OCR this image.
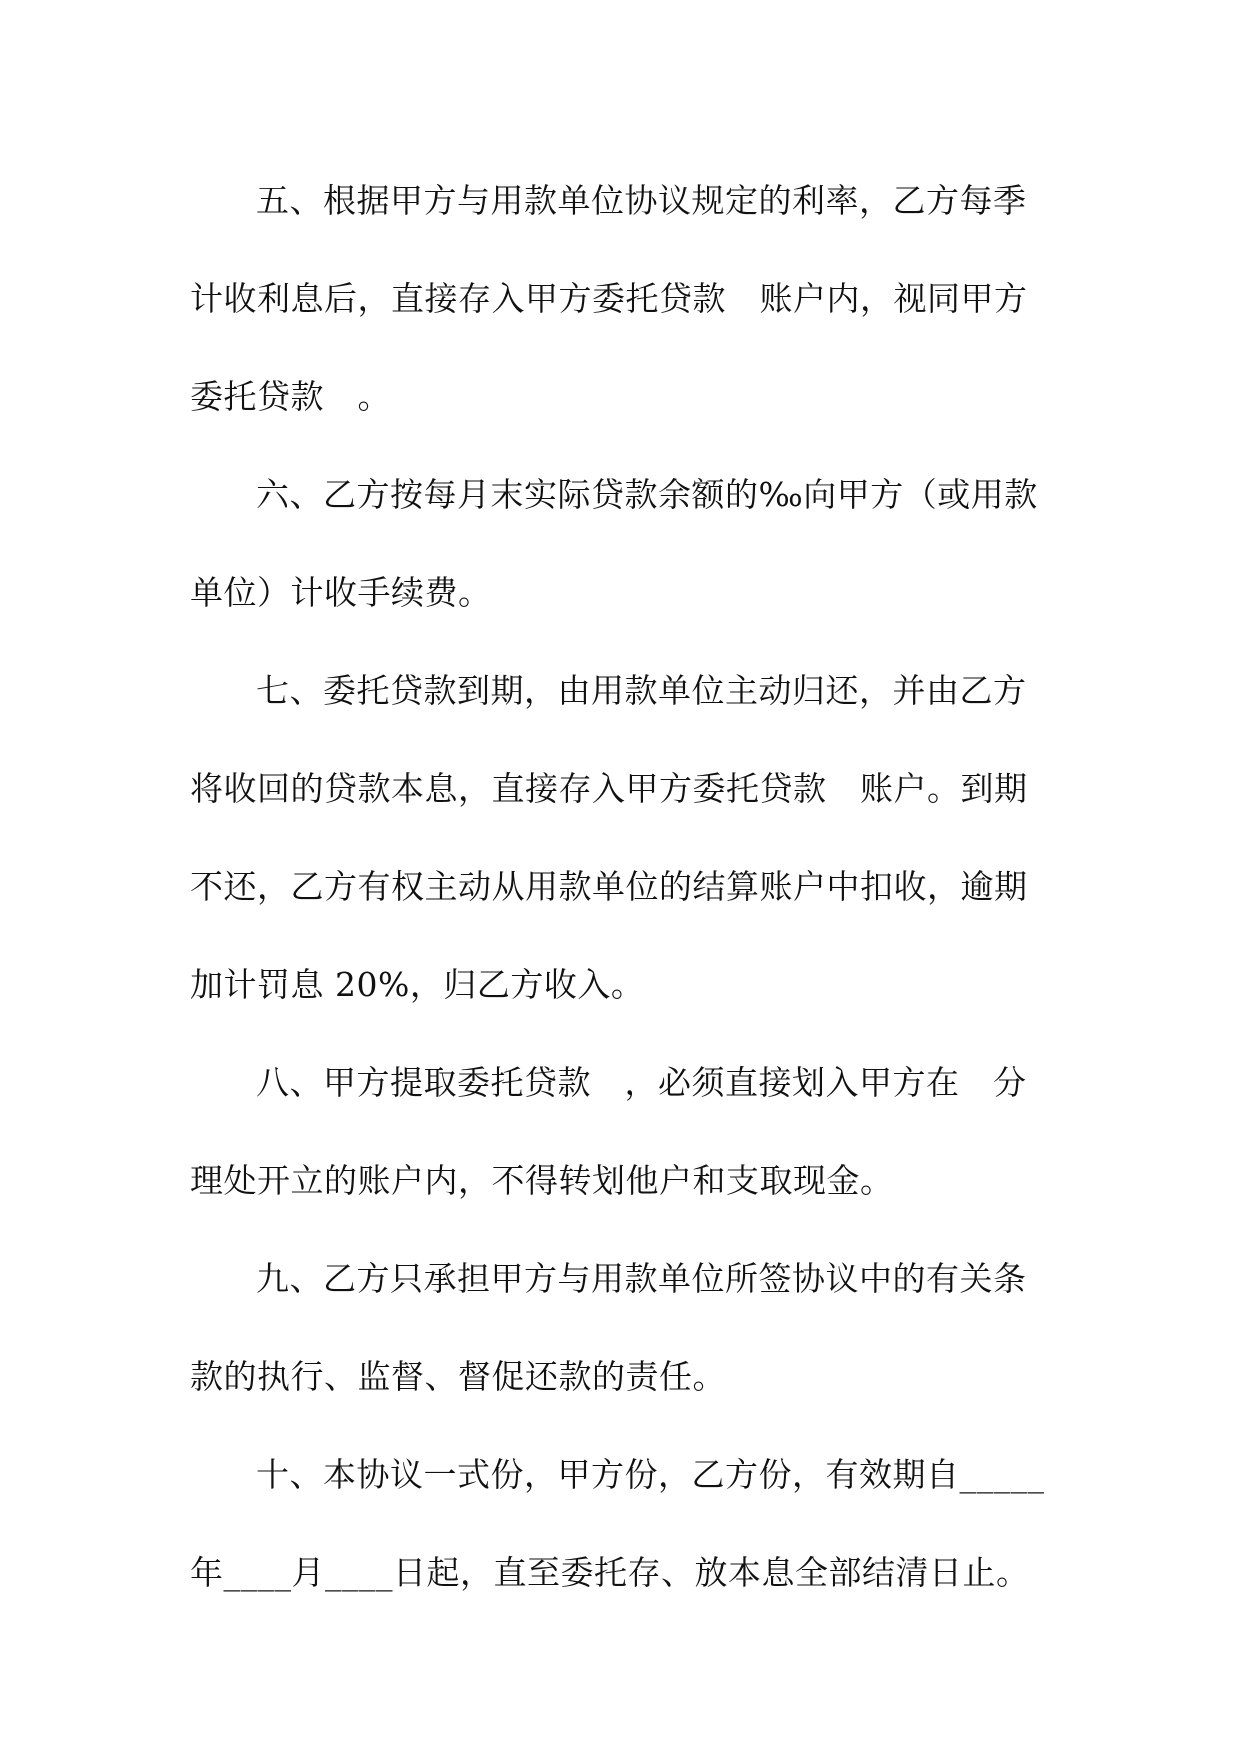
五、根据甲方与用款单位协议规定的利率，乙方每季
计收利息后，直接存入甲方委托贷款　账户内，视同甲方
委托贷款　。
六、乙方按每月末实际贷款余额的‰向甲方（或用款
单位）计收手续费。
七、委托贷款到期，由用款单位主动归还，并由乙方
将收回的贷款本息，直接存入甲方委托贷款　账户。到期
不还，乙方有权主动从用款单位的结算账户中扣收，逾期
加计罚息 20%，归乙方收入。
八、甲方提取委托贷款　，必须直接划入甲方在　分
理处开立的账户内，不得转划他户和支取现金。
九、乙方只承担甲方与用款单位所签协议中的有关条
款的执行、监督、督促还款的责任。
十、本协议一式份，甲方份，乙方份，有效期自_____
年____月____日起，直至委托存、放本息全部结清日止。
